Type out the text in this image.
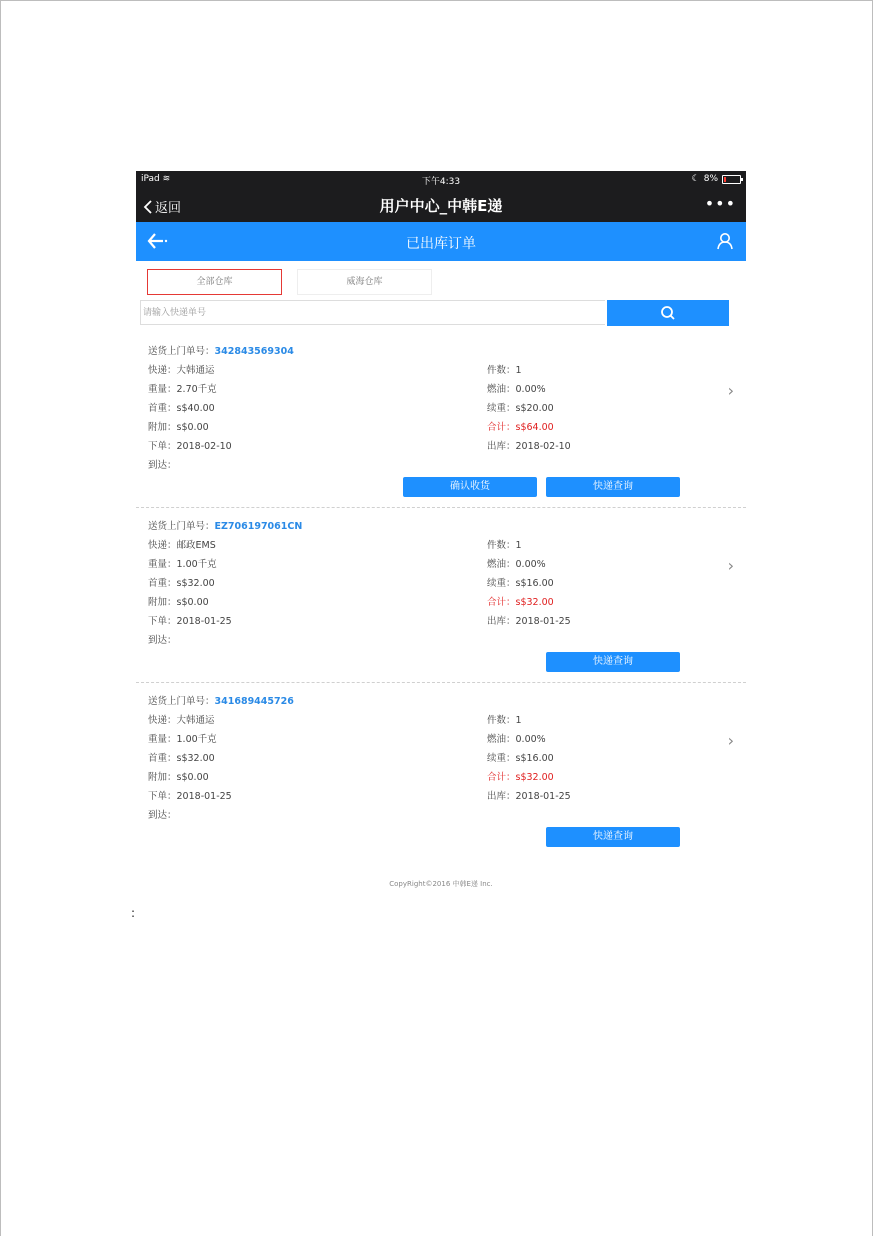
iPad ≋	下午4:33	☾ 8%
返回	用户中心_中韩E递	•••
已出库订单
全部仓库	威海仓库
请输入快递单号
送货上门单号：342843569304
快递：大韩通运	件数：1
重量：2.70千克	燃油：0.00%	›
首重：s$40.00	续重：s$20.00
附加：s$0.00	合计：s$64.00
下单：2018-02-10	出库：2018-02-10
到达：
确认收货	快递查询
送货上门单号：EZ706197061CN
快递：邮政EMS	件数：1
重量：1.00千克	燃油：0.00%	›
首重：s$32.00	续重：s$16.00
附加：s$0.00	合计：s$32.00
下单：2018-01-25	出库：2018-01-25
到达：
快递查询
送货上门单号：341689445726
快递：大韩通运	件数：1
重量：1.00千克	燃油：0.00%	›
首重：s$32.00	续重：s$16.00
附加：s$0.00	合计：s$32.00
下单：2018-01-25	出库：2018-01-25
到达：
快递查询
CopyRight©2016 中韩E递 Inc.
:
